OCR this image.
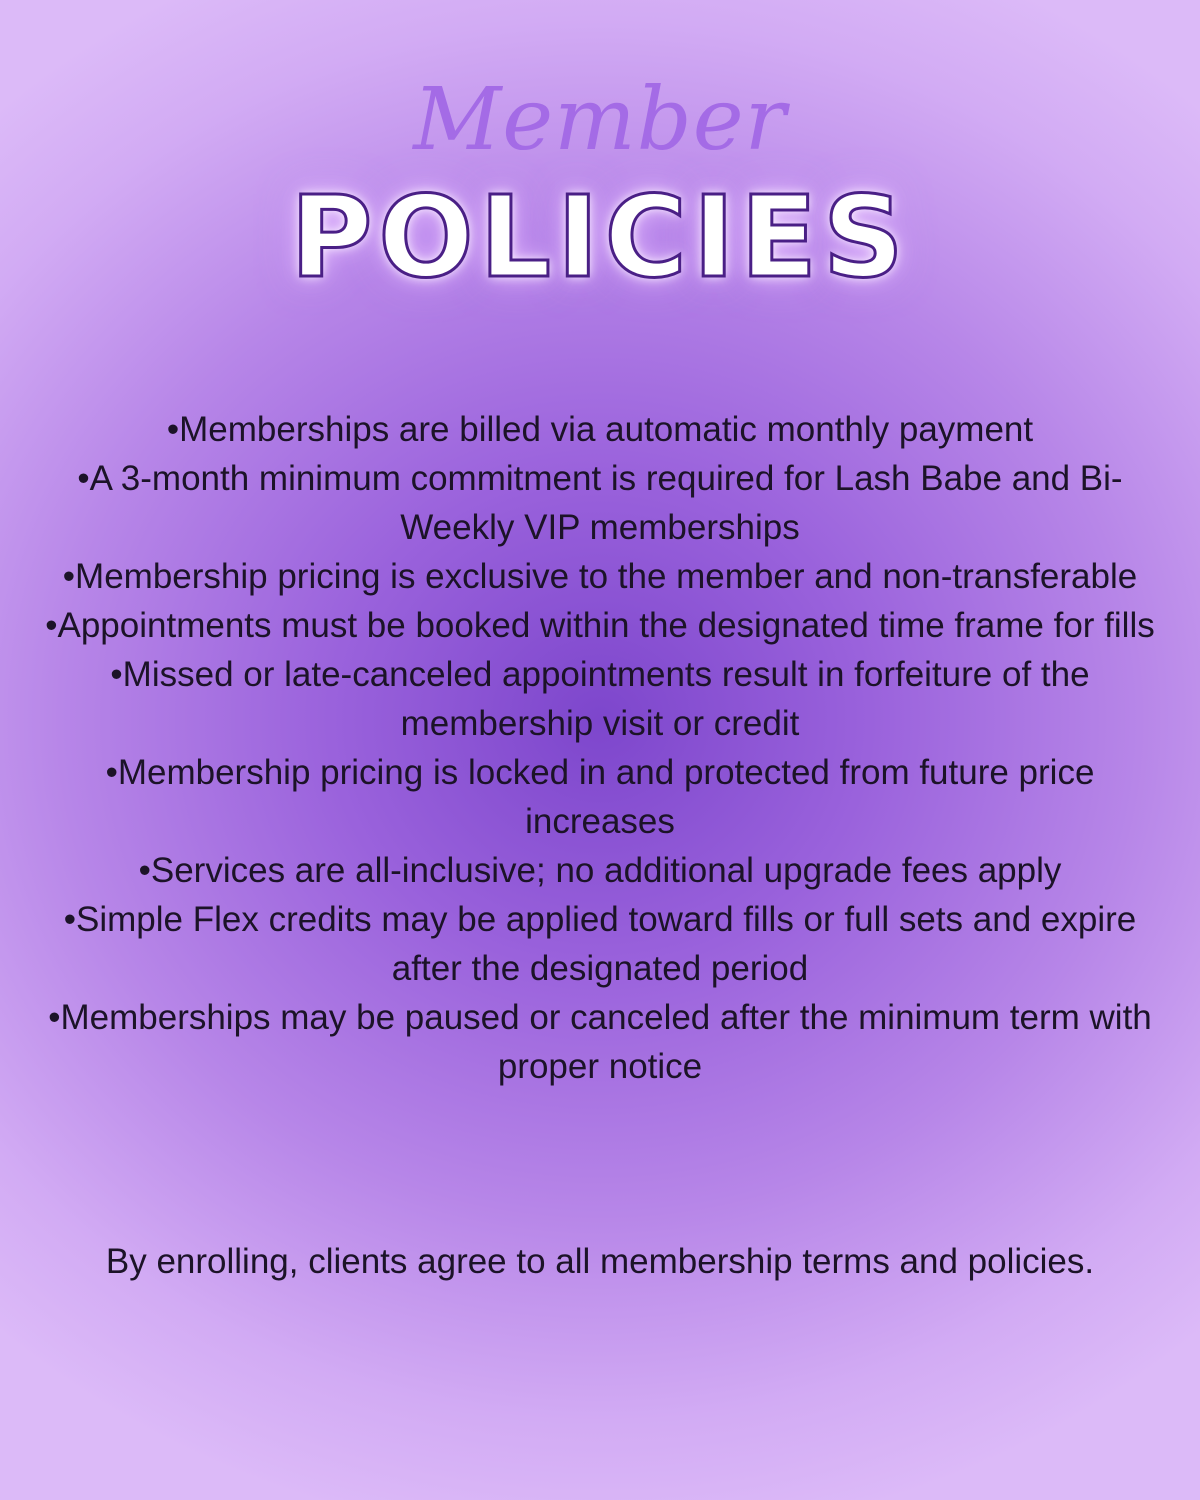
Member
POLICIES
• Memberships are billed via automatic monthly payment
• A 3-month minimum commitment is required for Lash Babe and Bi-Weekly VIP memberships
• Membership pricing is exclusive to the member and non-transferable
• Appointments must be booked within the designated time frame for fills
• Missed or late-canceled appointments result in forfeiture of the membership visit or credit
• Membership pricing is locked in and protected from future price increases
• Services are all-inclusive; no additional upgrade fees apply
• Simple Flex credits may be applied toward fills or full sets and expire after the designated period
• Memberships may be paused or canceled after the minimum term with proper notice

By enrolling, clients agree to all membership terms and policies.
